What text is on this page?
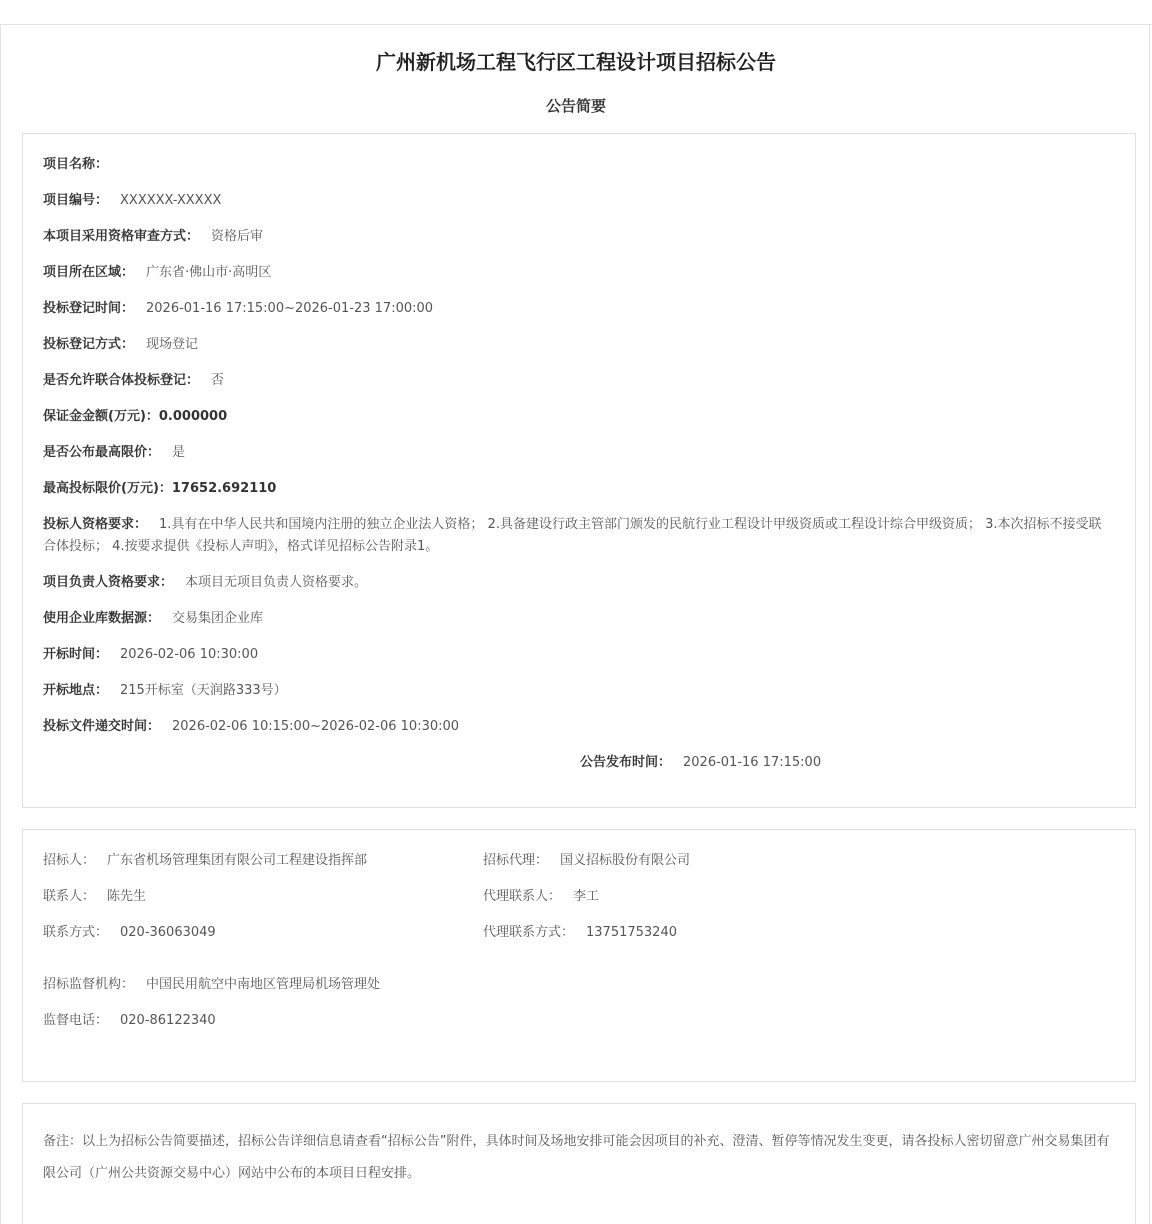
广州新机场工程飞行区工程设计项目招标公告
公告简要
项目名称：
项目编号： XXXXXX-XXXXX
本项目采用资格审查方式： 资格后审
项目所在区域： 广东省·佛山市·高明区
投标登记时间： 2026-01-16 17:15:00~2026-01-23 17:00:00
投标登记方式： 现场登记
是否允许联合体投标登记： 否
保证金金额(万元)：0.000000
是否公布最高限价： 是
最高投标限价(万元)：17652.692110
投标人资格要求： 1.具有在中华人民共和国境内注册的独立企业法人资格； 2.具备建设行政主管部门颁发的民航行业工程设计甲级资质或工程设计综合甲级资质； 3.本次招标不接受联合体投标； 4.按要求提供《投标人声明》，格式详见招标公告附录1。
项目负责人资格要求： 本项目无项目负责人资格要求。
使用企业库数据源： 交易集团企业库
开标时间： 2026-02-06 10:30:00
开标地点： 215开标室（天润路333号）
投标文件递交时间： 2026-02-06 10:15:00~2026-02-06 10:30:00
公告发布时间： 2026-01-16 17:15:00
招标人： 广东省机场管理集团有限公司工程建设指挥部	招标代理： 国义招标股份有限公司
联系人： 陈先生	代理联系人： 李工
联系方式： 020-36063049	代理联系方式： 13751753240
招标监督机构： 中国民用航空中南地区管理局机场管理处
监督电话： 020-86122340
备注：以上为招标公告简要描述，招标公告详细信息请查看“招标公告”附件，具体时间及场地安排可能会因项目的补充、澄清、暂停等情况发生变更，请各投标人密切留意广州交易集团有限公司（广州公共资源交易中心）网站中公布的本项目日程安排。
